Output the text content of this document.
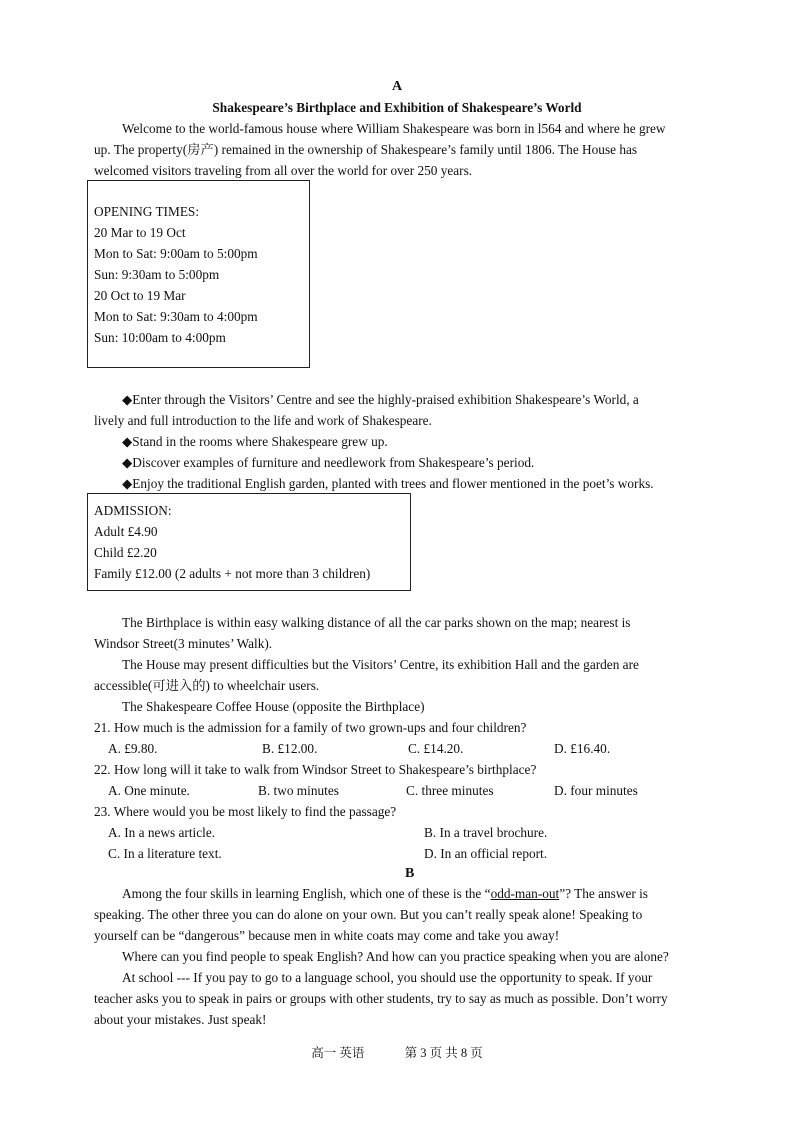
A
Shakespeare’s Birthplace and Exhibition of Shakespeare’s World
Welcome to the world-famous house where William Shakespeare was born in l564 and where he grew
up. The property(房产) remained in the ownership of Shakespeare’s family until 1806. The House has
welcomed visitors traveling from all over the world for over 250 years.
OPENING TIMES:
20 Mar to 19 Oct
Mon to Sat: 9:00am to 5:00pm
Sun: 9:30am to 5:00pm
20 Oct to 19 Mar
Mon to Sat: 9:30am to 4:00pm
Sun: 10:00am to 4:00pm
◆Enter through the Visitors’ Centre and see the highly-praised exhibition Shakespeare’s World, a
lively and full introduction to the life and work of Shakespeare.
◆Stand in the rooms where Shakespeare grew up.
◆Discover examples of furniture and needlework from Shakespeare’s period.
◆Enjoy the traditional English garden, planted with trees and flower mentioned in the poet’s works.
ADMISSION:
Adult £4.90
Child £2.20
Family £12.00 (2 adults + not more than 3 children)
The Birthplace is within easy walking distance of all the car parks shown on the map; nearest is
Windsor Street(3 minutes’ Walk).
The House may present difficulties but the Visitors’ Centre, its exhibition Hall and the garden are
accessible(可进入的) to wheelchair users.
The Shakespeare Coffee House (opposite the Birthplace)
21. How much is the admission for a family of two grown-ups and four children?
A. £9.80.	B. £12.00.	C. £14.20.	D. £16.40.
22. How long will it take to walk from Windsor Street to Shakespeare’s birthplace?
A. One minute.	B. two minutes	C. three minutes	D. four minutes
23. Where would you be most likely to find the passage?
A. In a news article.	B. In a travel brochure.
C. In a literature text.	D. In an official report.
B
Among the four skills in learning English, which one of these is the “odd-man-out”? The answer is
speaking. The other three you can do alone on your own. But you can’t really speak alone! Speaking to
yourself can be “dangerous” because men in white coats may come and take you away!
Where can you find people to speak English? And how can you practice speaking when you are alone?
At school --- If you pay to go to a language school, you should use the opportunity to speak. If your
teacher asks you to speak in pairs or groups with other students, try to say as much as possible. Don’t worry
about your mistakes. Just speak!
高一 英语	第 3 页 共 8 页
